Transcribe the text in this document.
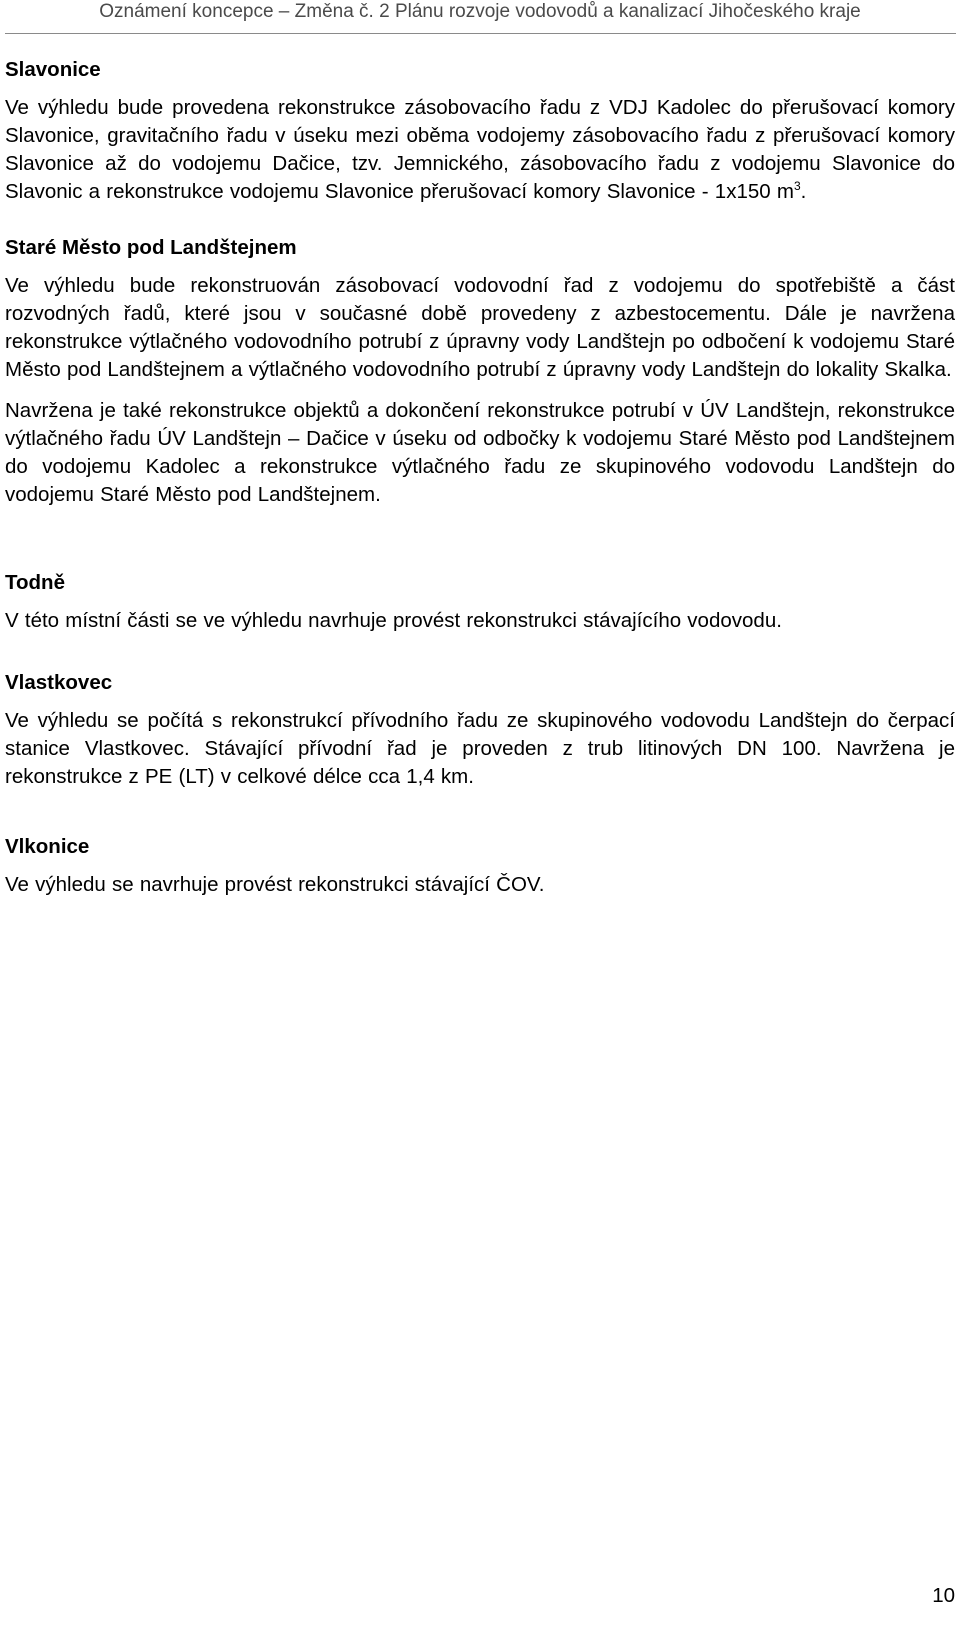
Oznámení koncepce – Změna č. 2 Plánu rozvoje vodovodů a kanalizací Jihočeského kraje

Slavonice

Ve výhledu bude provedena rekonstrukce zásobovacího řadu z VDJ Kadolec do přerušovací komory Slavonice, gravitačního řadu v úseku mezi oběma vodojemy zásobovacího řadu z přerušovací komory Slavonice až do vodojemu Dačice, tzv. Jemnického, zásobovacího řadu z vodojemu Slavonice do Slavonic a rekonstrukce vodojemu Slavonice přerušovací komory Slavonice - 1x150 $m^3$.

Staré Město pod Landštejnem

Ve výhledu bude rekonstruován zásobovací vodovodní řad z vodojemu do spotřebiště a část rozvodných řadů, které jsou v současné době provedeny z azbestocementu. Dále je navržena rekonstrukce výtlačného vodovodního potrubí z úpravny vody Landštejn po odbočení k vodojemu Staré Město pod Landštejnem a výtlačného vodovodního potrubí z úpravny vody Landštejn do lokality Skalka.

Navržena je také rekonstrukce objektů a dokončení rekonstrukce potrubí v ÚV Landštejn, rekonstrukce výtlačného řadu ÚV Landštejn – Dačice v úseku od odbočky k vodojemu Staré Město pod Landštejnem do vodojemu Kadolec a rekonstrukce výtlačného řadu ze skupinového vodovodu Landštejn do vodojemu Staré Město pod Landštejnem.

Todně

V této místní části se ve výhledu navrhuje provést rekonstrukci stávajícího vodovodu.

Vlastkovec

Ve výhledu se počítá s rekonstrukcí přívodního řadu ze skupinového vodovodu Landštejn do čerpací stanice Vlastkovec. Stávající přívodní řad je proveden z trub litinových DN 100. Navržena je rekonstrukce z PE (LT) v celkové délce cca 1,4 km.

Vlkonice

Ve výhledu se navrhuje provést rekonstrukci stávající ČOV.

10
